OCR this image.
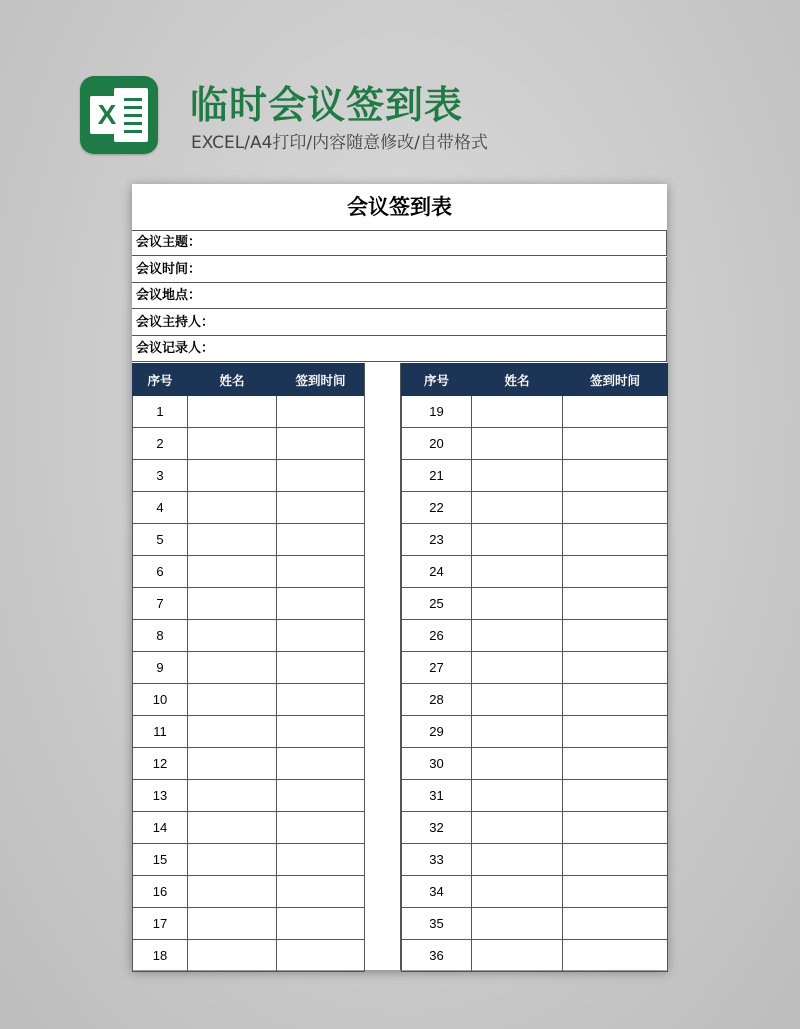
X 临时会议签到表
EXCEL/A4打印/内容随意修改/自带格式
会议签到表
会议主题：
会议时间：
会议地点：
会议主持人：
会议记录人：
序号	姓名	签到时间
1		
2		
3		
4		
5		
6		
7		
8		
9		
10		
11		
12		
13		
14		
15		
16		
17		
18		
序号	姓名	签到时间
19		
20		
21		
22		
23		
24		
25		
26		
27		
28		
29		
30		
31		
32		
33		
34		
35		
36		
